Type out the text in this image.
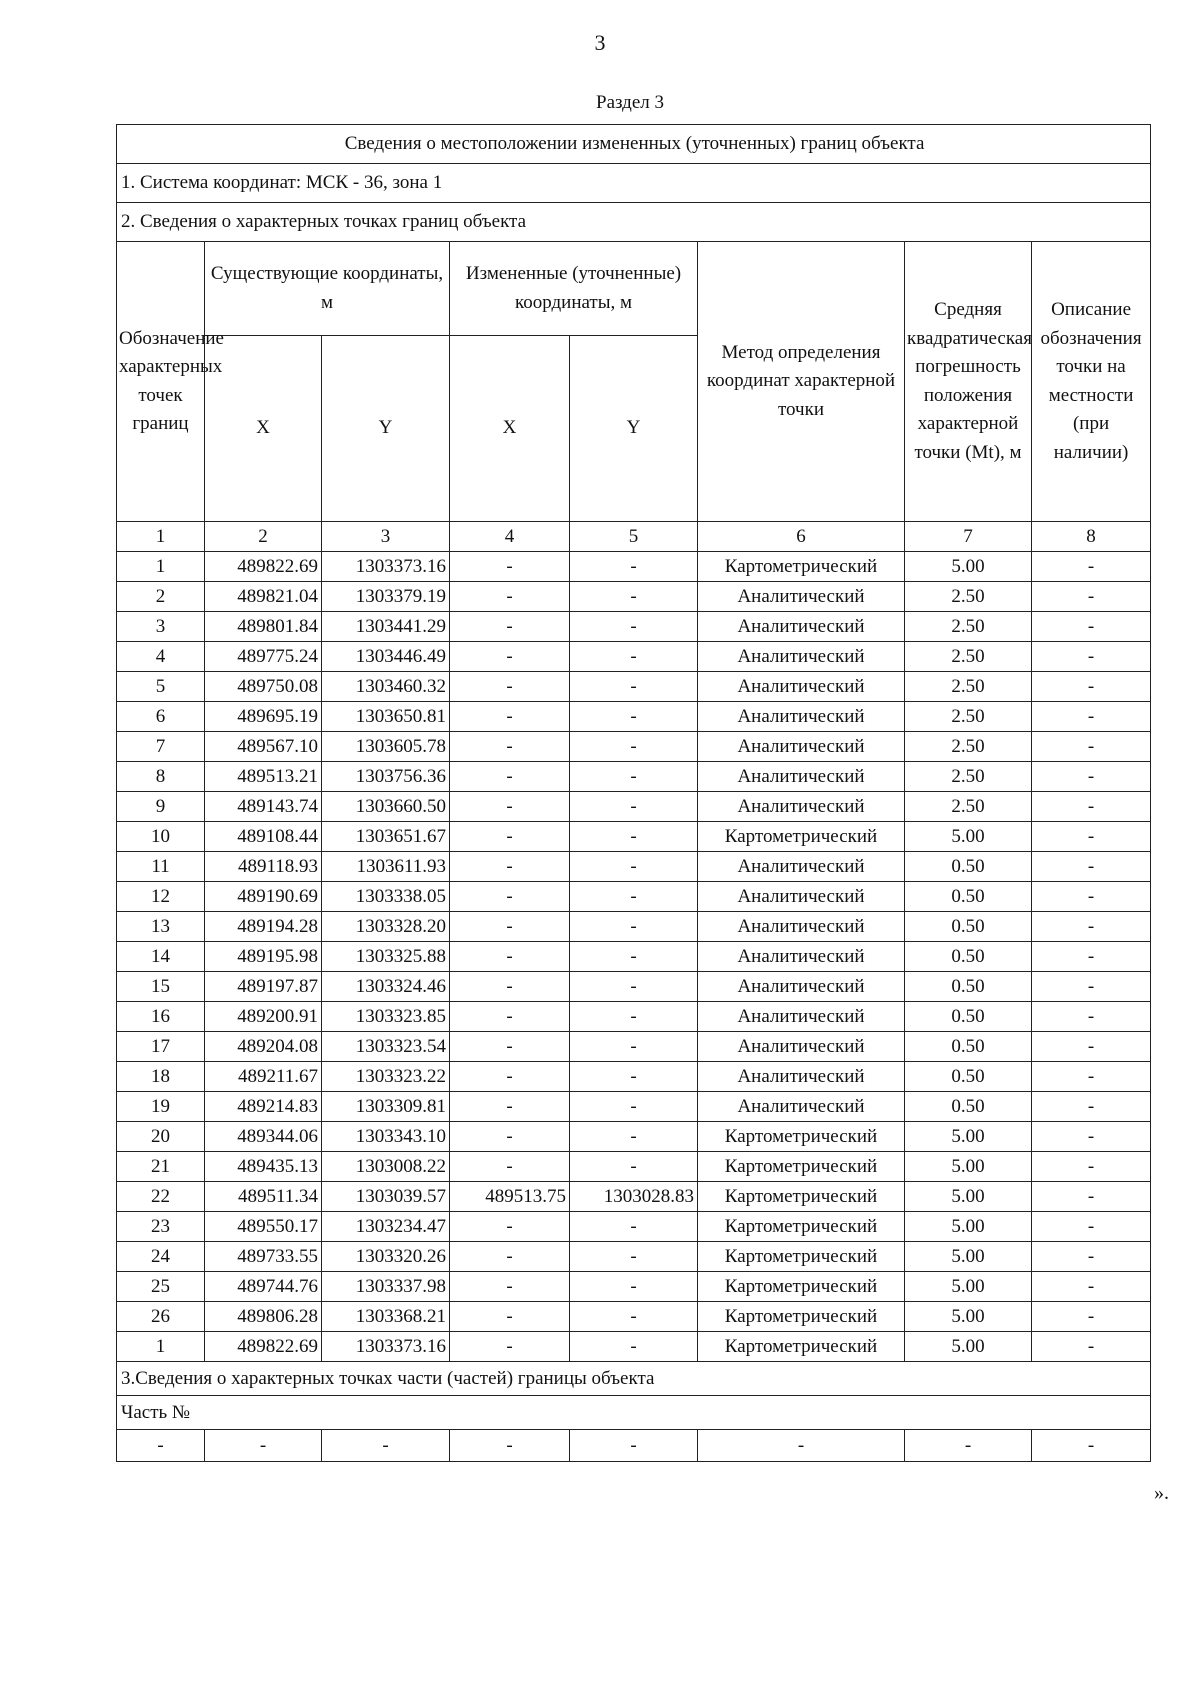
3
Раздел 3
Сведения о местоположении измененных (уточненных) границ объекта							
1. Система координат: МСК - 36, зона 1							
2. Сведения о характерных точках границ объекта							
Обозначение характерных точек границ	Существующие координаты, м		Измененные (уточненные) координаты, м		Метод определения координат характерной точки	Средняя квадратическая погрешность положения характерной точки (Mt), м	Описание обозначения точки на местности (при наличии)
	X	Y	X	Y			
1	2	3	4	5	6	7	8
1	489822.69	1303373.16	-	-	Картометрический	5.00	-
2	489821.04	1303379.19	-	-	Аналитический	2.50	-
3	489801.84	1303441.29	-	-	Аналитический	2.50	-
4	489775.24	1303446.49	-	-	Аналитический	2.50	-
5	489750.08	1303460.32	-	-	Аналитический	2.50	-
6	489695.19	1303650.81	-	-	Аналитический	2.50	-
7	489567.10	1303605.78	-	-	Аналитический	2.50	-
8	489513.21	1303756.36	-	-	Аналитический	2.50	-
9	489143.74	1303660.50	-	-	Аналитический	2.50	-
10	489108.44	1303651.67	-	-	Картометрический	5.00	-
11	489118.93	1303611.93	-	-	Аналитический	0.50	-
12	489190.69	1303338.05	-	-	Аналитический	0.50	-
13	489194.28	1303328.20	-	-	Аналитический	0.50	-
14	489195.98	1303325.88	-	-	Аналитический	0.50	-
15	489197.87	1303324.46	-	-	Аналитический	0.50	-
16	489200.91	1303323.85	-	-	Аналитический	0.50	-
17	489204.08	1303323.54	-	-	Аналитический	0.50	-
18	489211.67	1303323.22	-	-	Аналитический	0.50	-
19	489214.83	1303309.81	-	-	Аналитический	0.50	-
20	489344.06	1303343.10	-	-	Картометрический	5.00	-
21	489435.13	1303008.22	-	-	Картометрический	5.00	-
22	489511.34	1303039.57	489513.75	1303028.83	Картометрический	5.00	-
23	489550.17	1303234.47	-	-	Картометрический	5.00	-
24	489733.55	1303320.26	-	-	Картометрический	5.00	-
25	489744.76	1303337.98	-	-	Картометрический	5.00	-
26	489806.28	1303368.21	-	-	Картометрический	5.00	-
1	489822.69	1303373.16	-	-	Картометрический	5.00	-
3.Сведения о характерных точках части (частей) границы объекта							
Часть №							
-	-	-	-	-	-	-	-
».
